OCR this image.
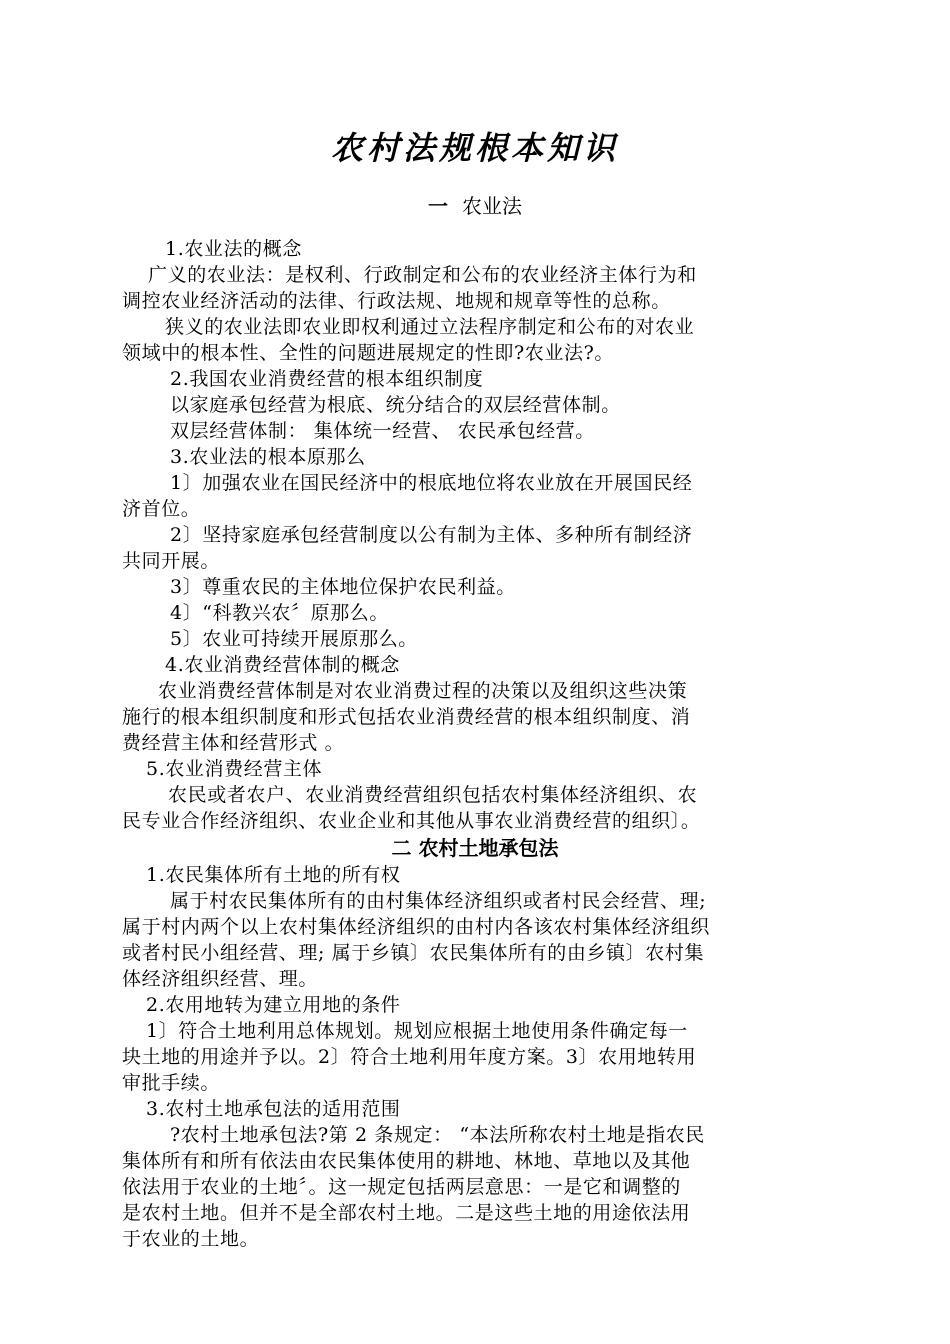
农村法规根本知识
一 农业法
1.农业法的概念
广义的农业法：是权利、行政制定和公布的农业经济主体行为和
调控农业经济活动的法律、行政法规、地规和规章等性的总称。
狭义的农业法即农业即权利通过立法程序制定和公布的对农业
领域中的根本性、全性的问题进展规定的性即?农业法?。
2.我国农业消费经营的根本组织制度
以家庭承包经营为根底、统分结合的双层经营体制。
双层经营体制： 集体统一经营、 农民承包经营。
3.农业法的根本原那么
1〕加强农业在国民经济中的根底地位将农业放在开展国民经
济首位。
2〕坚持家庭承包经营制度以公有制为主体、多种所有制经济
共同开展。
3〕尊重农民的主体地位保护农民利益。
4〕“科教兴农〞原那么。
5〕农业可持续开展原那么。
4.农业消费经营体制的概念
农业消费经营体制是对农业消费过程的决策以及组织这些决策
施行的根本组织制度和形式包括农业消费经营的根本组织制度、消
费经营主体和经营形式 。
5.农业消费经营主体
农民或者农户、农业消费经营组织包括农村集体经济组织、农
民专业合作经济组织、农业企业和其他从事农业消费经营的组织〕。
二 农村土地承包法
1.农民集体所有土地的所有权
属于村农民集体所有的由村集体经济组织或者村民会经营、理;
属于村内两个以上农村集体经济组织的由村内各该农村集体经济组织
或者村民小组经营、理; 属于乡镇〕农民集体所有的由乡镇〕农村集
体经济组织经营、理。
2.农用地转为建立用地的条件
1〕符合土地利用总体规划。规划应根据土地使用条件确定每一
块土地的用途并予以。2〕符合土地利用年度方案。3〕农用地转用
审批手续。
3.农村土地承包法的适用范围
?农村土地承包法?第 2 条规定： “本法所称农村土地是指农民
集体所有和所有依法由农民集体使用的耕地、林地、草地以及其他
依法用于农业的土地〞。这一规定包括两层意思：一是它和调整的
是农村土地。但并不是全部农村土地。二是这些土地的用途依法用
于农业的土地。
